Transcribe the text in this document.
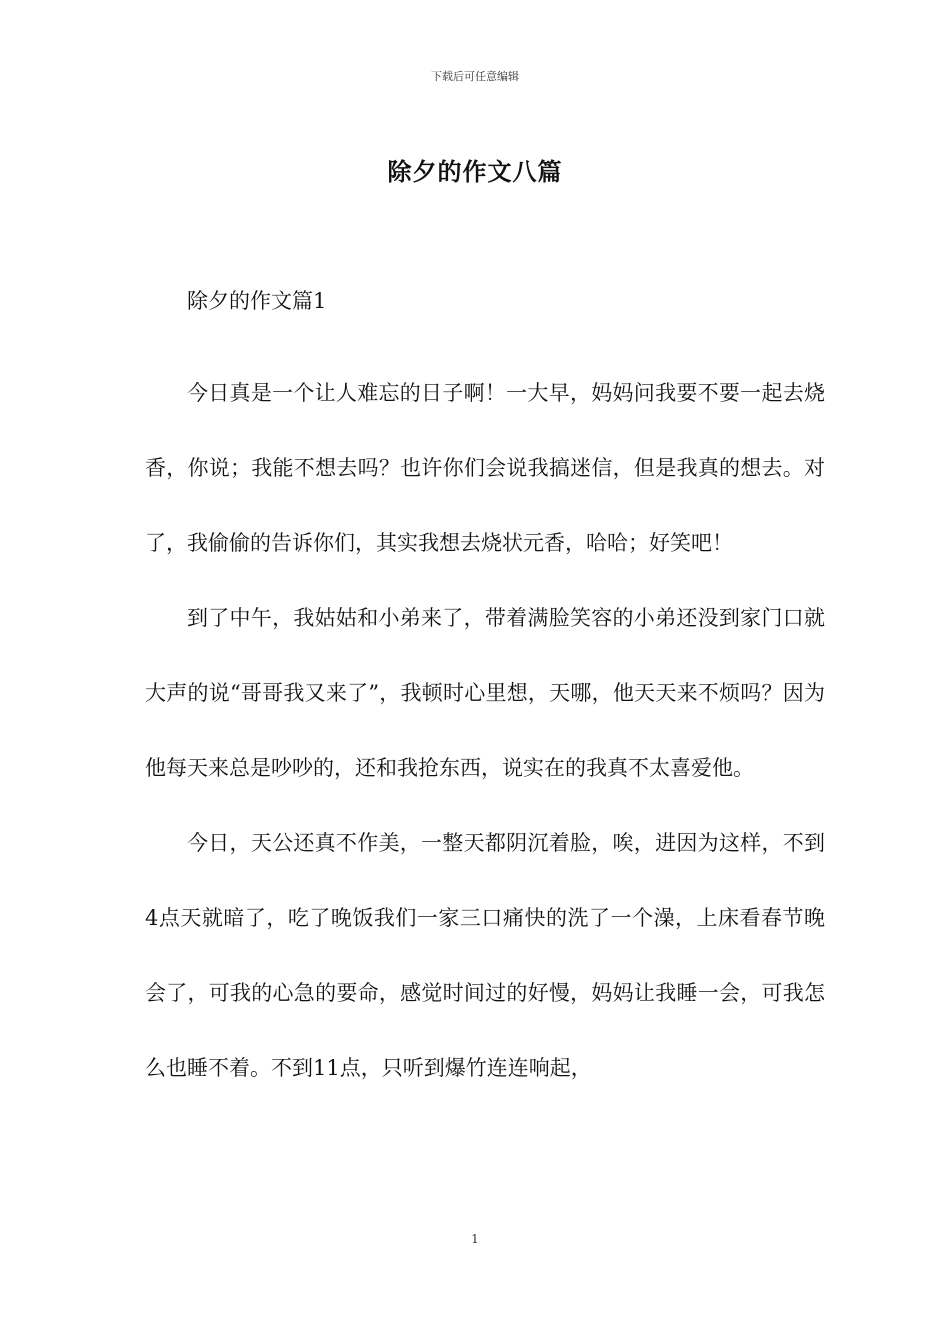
下载后可任意编辑
除夕的作文八篇

除夕的作文篇1

今日真是一个让人难忘的日子啊！一大早，妈妈问我要不要一起去烧香，你说；我能不想去吗？也许你们会说我搞迷信，但是我真的想去。对了，我偷偷的告诉你们，其实我想去烧状元香，哈哈；好笑吧！

到了中午，我姑姑和小弟来了，带着满脸笑容的小弟还没到家门口就大声的说“哥哥我又来了”，我顿时心里想，天哪，他天天来不烦吗？因为他每天来总是吵吵的，还和我抢东西，说实在的我真不太喜爱他。

今日，天公还真不作美，一整天都阴沉着脸，唉，进因为这样，不到4点天就暗了，吃了晚饭我们一家三口痛快的洗了一个澡，上床看春节晚会了，可我的心急的要命，感觉时间过的好慢，妈妈让我睡一会，可我怎么也睡不着。不到11点，只听到爆竹连连响起，

1
